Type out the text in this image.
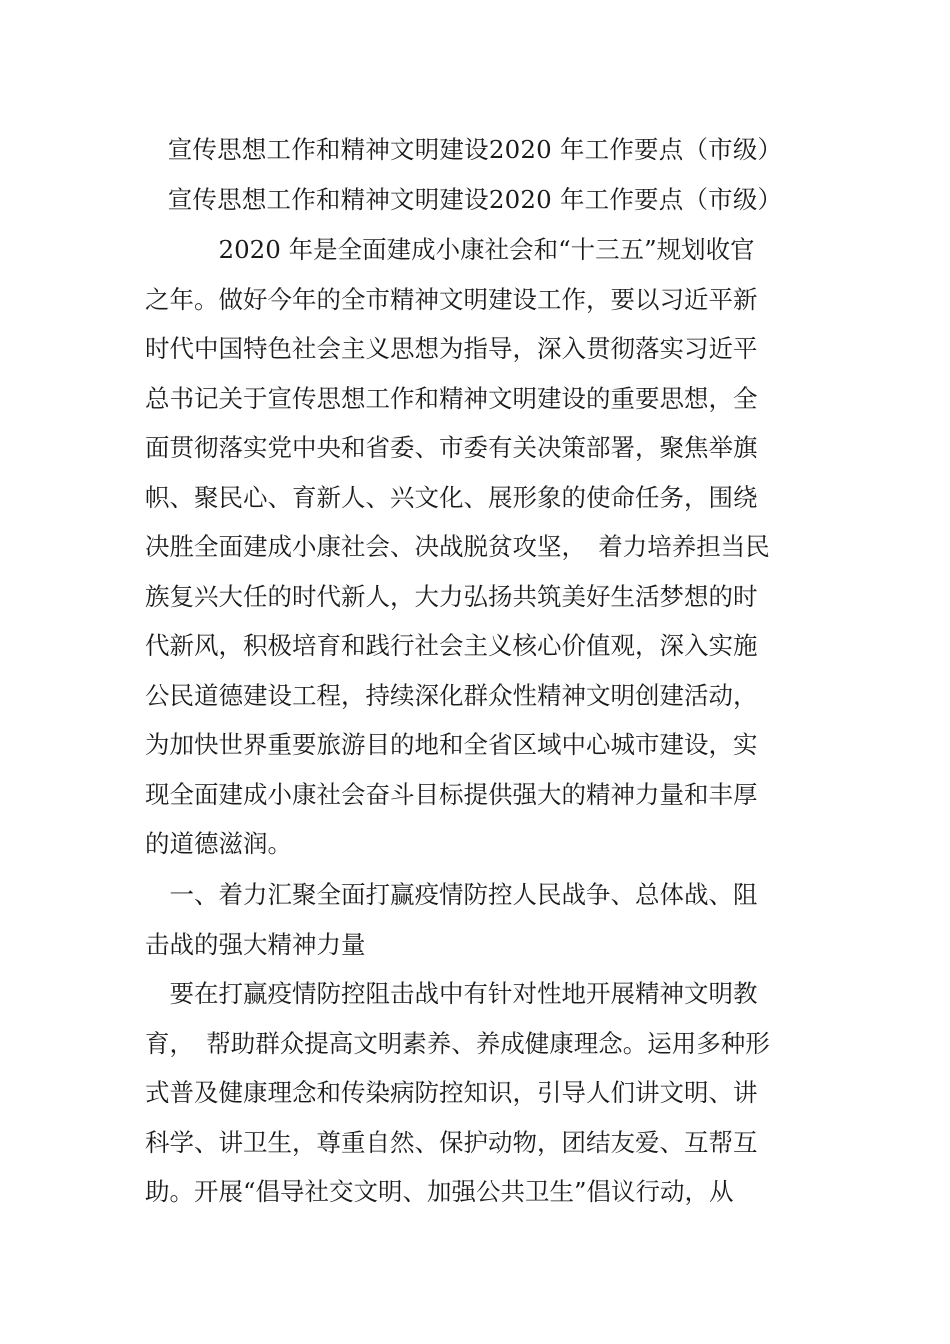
宣传思想工作和精神文明建设2020 年工作要点（市级）
宣传思想工作和精神文明建设2020 年工作要点（市级）
　　　2020 年是全面建成小康社会和“十三五”规划收官
之年。做好今年的全市精神文明建设工作，要以习近平新
时代中国特色社会主义思想为指导，深入贯彻落实习近平
总书记关于宣传思想工作和精神文明建设的重要思想，全
面贯彻落实党中央和省委、市委有关决策部署，聚焦举旗
帜、聚民心、育新人、兴文化、展形象的使命任务，围绕
决胜全面建成小康社会、决战脱贫攻坚，　着力培养担当民
族复兴大任的时代新人，大力弘扬共筑美好生活梦想的时
代新风，积极培育和践行社会主义核心价值观，深入实施
公民道德建设工程，持续深化群众性精神文明创建活动，
为加快世界重要旅游目的地和全省区域中心城市建设，实
现全面建成小康社会奋斗目标提供强大的精神力量和丰厚
的道德滋润。
　一、着力汇聚全面打赢疫情防控人民战争、总体战、阻
击战的强大精神力量
　要在打赢疫情防控阻击战中有针对性地开展精神文明教
育，　帮助群众提高文明素养、养成健康理念。运用多种形
式普及健康理念和传染病防控知识，引导人们讲文明、讲
科学、讲卫生，尊重自然、保护动物，团结友爱、互帮互
助。开展“倡导社交文明、加强公共卫生”倡议行动，从
